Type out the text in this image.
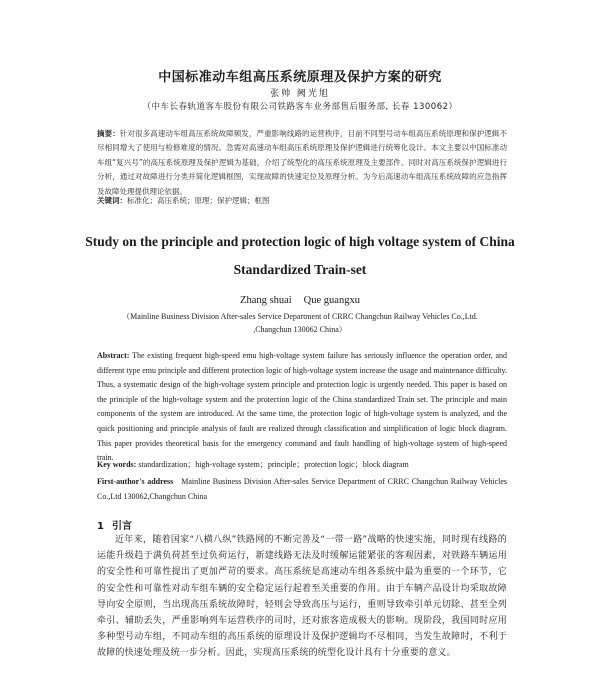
中国标准动车组高压系统原理及保护方案的研究
张帅 阙光旭
（中车长春轨道客车股份有限公司铁路客车业务部售后服务部, 长春 130062）
摘要：针对很多高速动车组高压系统故障频发，严重影响线路的运营秩序，目前不同型号动车组高压系统原理和保护逻辑不尽相同增大了使用与检修难度的情况。急需对高速动车组高压系统原理及保护逻辑进行统筹化设计。本文主要以中国标准动车组“复兴号”的高压系统原理及保护逻辑为基础，介绍了统型化的高压系统原理及主要部件。同时对高压系统保护逻辑进行分析，通过对故障进行分类并简化逻辑框图，实现故障的快速定位及原理分析。为今后高速动车组高压系统故障的应急指挥及故障处理提供理论依据。
关键词：标准化；高压系统；原理；保护逻辑；框图
Study on the principle and protection logic of high voltage system of China Standardized Train-set
Zhang shuai Que guangxu
（Mainline Business Division After-sales Service Department of CRRC Changchun Railway Vehicles Co.,Ltd. ,Changchun 130062 China）
Abstract: The existing frequent high-speed emu high-voltage system failure has seriously influence the operation order, and different type emu principle and different protection logic of high-voltage system increase the usage and maintenance difficulty. Thus, a systematic design of the high-voltage system principle and protection logic is urgently needed. This paper is based on the principle of the high-voltage system and the protection logic of the China standardized Train set. The principle and main components of the system are introduced. At the same time, the protection logic of high-voltage system is analyzed, and the quick positioning and principle analysis of fault are realized through classification and simplification of logic block diagram. This paper provides theoretical basis for the emergency command and fault handling of high-voltage system of high-speed train.
Key words: standardization；high-voltage system；principle；protection logic；block diagram
First-author's address Mainline Business Division After-sales Service Department of CRRC Changchun Railway Vehicles Co.,Ltd 130062,Changchun China
1 引言
近年来，随着国家“八横八纵”铁路网的不断完善及“一带一路”战略的快速实施，同时现有线路的运能升级趋于满负荷甚至过负荷运行，新建线路无法及时缓解运能紧张的客观因素，对铁路车辆运用的安全性和可靠性提出了更加严苛的要求。高压系统是高速动车组各系统中最为重要的一个环节，它的安全性和可靠性对动车组车辆的安全稳定运行起着至关重要的作用。由于车辆产品设计均采取故障导向安全原则，当出现高压系统故障时，轻则会导致高压与运行，重则导致牵引单元切除、甚至全列牵引、辅助丢失，严重影响列车运营秩序的司时，还对旅客造成极大的影响。现阶段，我国同时应用多种型号动车组，不同动车组的高压系统的原理设计及保护逻辑均不尽相同，当发生故障时，不利于故障的快速处理及统一步分析。因此，实现高压系统的统型化设计具有十分重要的意义。
